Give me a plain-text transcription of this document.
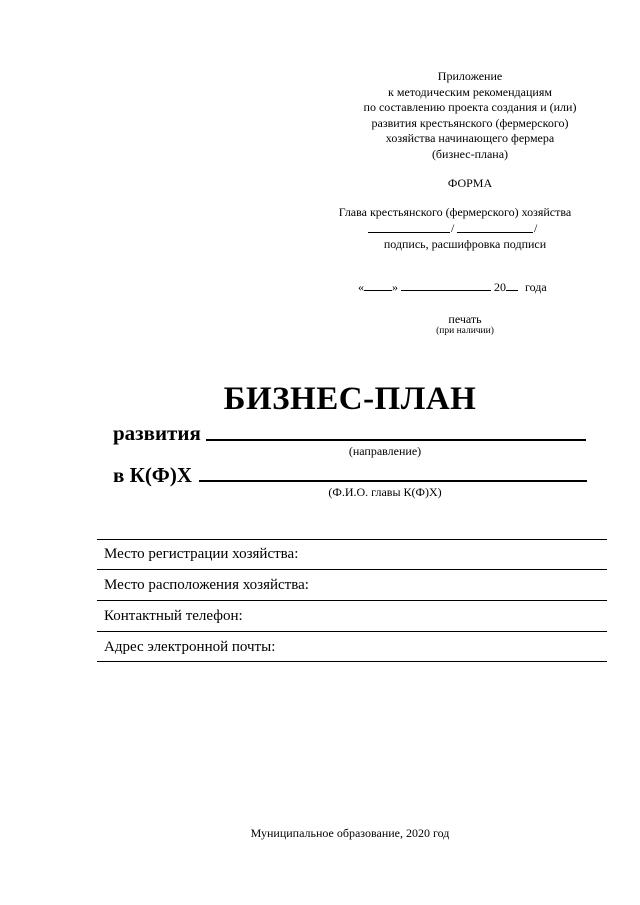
Приложение
к методическим рекомендациям
по составлению проекта создания и (или)
развития крестьянского (фермерского)
хозяйства начинающего фермера
(бизнес-плана)
ФОРМА
Глава крестьянского (фермерского) хозяйства
/	/
подпись, расшифровка подписи
« »	20 года
печать
(при наличии)
БИЗНЕС-ПЛАН
развития
(направление)
в К(Ф)Х
(Ф.И.О. главы К(Ф)Х)
Место регистрации хозяйства:
Место расположения хозяйства:
Контактный телефон:
Адрес электронной почты:
Муниципальное образование, 2020 год
